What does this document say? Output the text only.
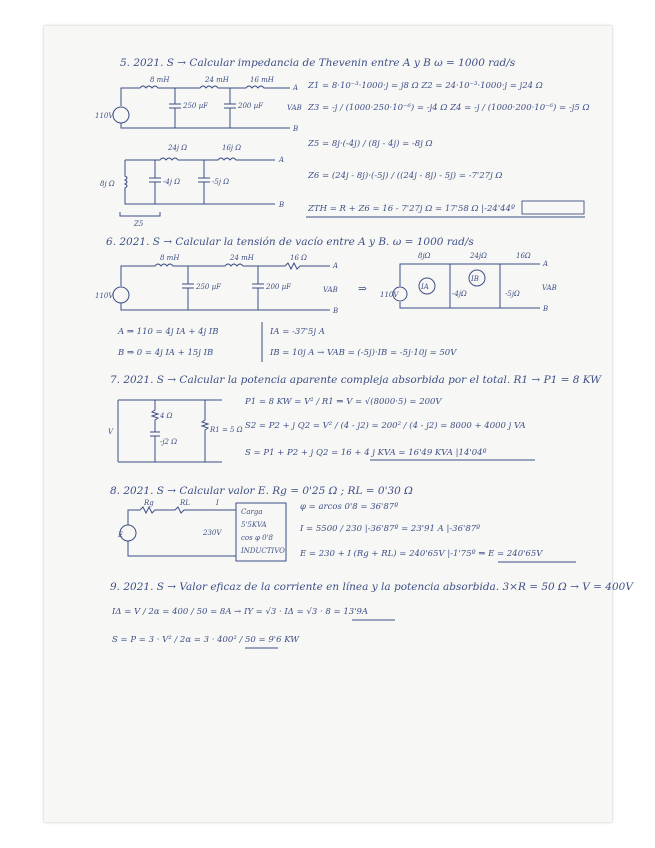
5. 2021. S → Calcular impedancia de Thevenin entre A y B ω = 1000 rad/s
8 mH	24 mH	16 mH
110V
250 µF	200 µF	VAB
A
B
Z1 = 8·10⁻³·1000·j = j8 Ω Z2 = 24·10⁻³·1000·j = j24 Ω
Z3 = -j / (1000·250·10⁻⁶) = -j4 Ω Z4 = -j / (1000·200·10⁻⁶) = -j5 Ω
Z5 = 8j·(-4j) / (8j - 4j) = -8j Ω
Z6 = (24j - 8j)·(-5j) / ((24j - 8j) - 5j) = -7'27j Ω
24j Ω	16j Ω
8j Ω	-4j Ω	-5j Ω
Z5
A
B	ZTH = R + Z6 = 16 - 7'27j Ω = 17'58 Ω |-24'44º
6. 2021. S → Calcular la tensión de vacío entre A y B. ω = 1000 rad/s
8 mH	24 mH	16 Ω
110V
250 µF	200 µF	VAB
A
B
⇒
8jΩ	24jΩ	16Ω
110V
IA
IB
-4jΩ	-5jΩ
VAB
A
B
A ⇒ 110 = 4j IA + 4j IB
B ⇒ 0 = 4j IA + 15j IB
IA = -37'5j A
IB = 10j A → VAB = (-5j)·IB = -5j·10j = 50V
7. 2021. S → Calcular la potencia aparente compleja absorbida por el total. R1 → P1 = 8 KW
V
4 Ω
-j2 Ω
R1 = 5 Ω
P1 = 8 KW = V² / R1 ⇒ V = √(8000·5) = 200V
S2 = P2 + j Q2 = V² / (4 - j2) = 200² / (4 - j2) = 8000 + 4000 j VA
S = P1 + P2 + j Q2 = 16 + 4 j KVA = 16'49 KVA |14'04º
8. 2021. S → Calcular valor E. Rg = 0'25 Ω ; RL = 0'30 Ω
Rg	RL	I
E	230V
Carga
5'5KVA
cos φ 0'8
INDUCTIVO
φ = arcos 0'8 = 36'87º
I = 5500 / 230 |-36'87º = 23'91 A |-36'87º
E = 230 + I (Rg + RL) = 240'65V |-1'75º ⇒ E = 240'65V
9. 2021. S → Valor eficaz de la corriente en línea y la potencia absorbida. 3×R = 50 Ω → V = 400V
IΔ = V / 2α = 400 / 50 = 8A → IY = √3 · IΔ = √3 · 8 = 13'9A
S = P = 3 · V² / 2α = 3 · 400² / 50 = 9'6 KW
